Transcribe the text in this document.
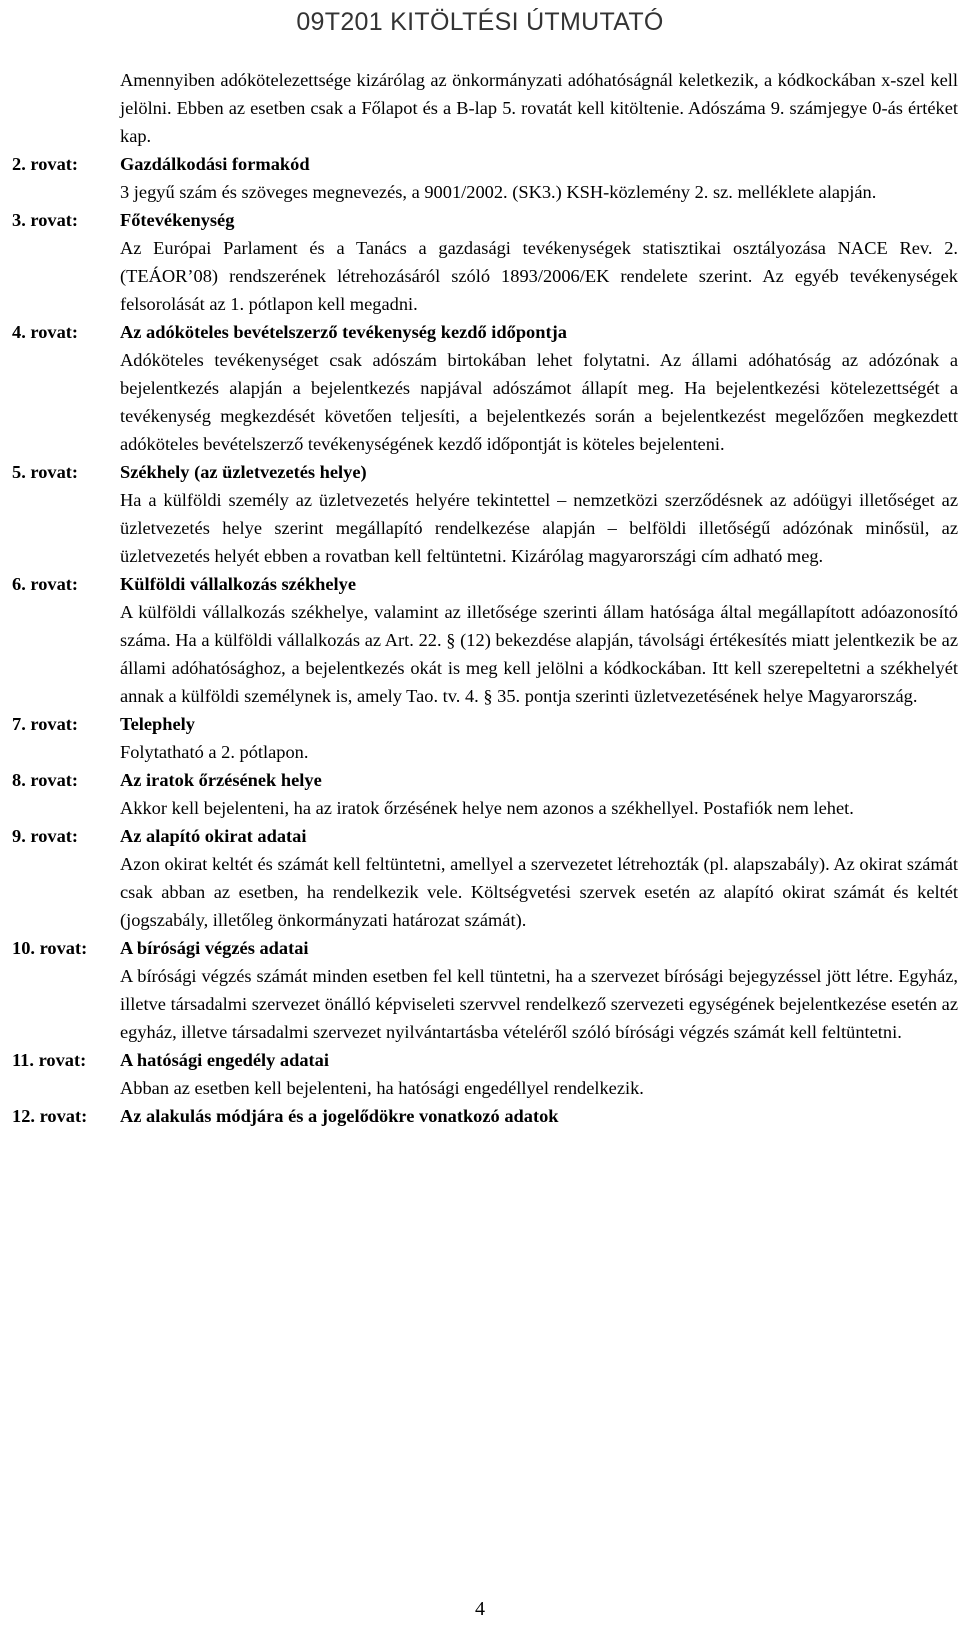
09T201 KITÖLTÉSI ÚTMUTATÓ
Amennyiben adókötelezettsége kizárólag az önkormányzati adóhatóságnál keletkezik, a kódkockában x-szel kell jelölni. Ebben az esetben csak a Főlapot és a B-lap 5. rovatát kell kitöltenie. Adószáma 9. számjegye 0-ás értéket kap.
2. rovat:	Gazdálkodási formakód

3 jegyű szám és szöveges megnevezés, a 9001/2002. (SK3.) KSH-közlemény 2. sz. melléklete alapján.

3. rovat:	Főtevékenység

Az Európai Parlament és a Tanács a gazdasági tevékenységek statisztikai osztályozása NACE Rev. 2. (TEÁOR’08) rendszerének létrehozásáról szóló 1893/2006/EK rendelete szerint. Az egyéb tevékenységek felsorolását az 1. pótlapon kell megadni.

4. rovat:	Az adóköteles bevételszerző tevékenység kezdő időpontja

Adóköteles tevékenységet csak adószám birtokában lehet folytatni. Az állami adóhatóság az adózónak a bejelentkezés alapján a bejelentkezés napjával adószámot állapít meg. Ha bejelentkezési kötelezettségét a tevékenység megkezdését követően teljesíti, a bejelentkezés során a bejelentkezést megelőzően megkezdett adóköteles bevételszerző tevékenységének kezdő időpontját is köteles bejelenteni.

5. rovat:	Székhely (az üzletvezetés helye)

Ha a külföldi személy az üzletvezetés helyére tekintettel – nemzetközi szerződésnek az adóügyi illetőséget az üzletvezetés helye szerint megállapító rendelkezése alapján – belföldi illetőségű adózónak minősül, az üzletvezetés helyét ebben a rovatban kell feltüntetni. Kizárólag magyarországi cím adható meg.

6. rovat:	Külföldi vállalkozás székhelye

A külföldi vállalkozás székhelye, valamint az illetősége szerinti állam hatósága által megállapított adóazonosító száma. Ha a külföldi vállalkozás az Art. 22. § (12) bekezdése alapján, távolsági értékesítés miatt jelentkezik be az állami adóhatósághoz, a bejelentkezés okát is meg kell jelölni a kódkockában. Itt kell szerepeltetni a székhelyét annak a külföldi személynek is, amely Tao. tv. 4. § 35. pontja szerinti üzletvezetésének helye Magyarország.

7. rovat:	Telephely

Folytatható a 2. pótlapon.

8. rovat:	Az iratok őrzésének helye

Akkor kell bejelenteni, ha az iratok őrzésének helye nem azonos a székhellyel. Postafiók nem lehet.

9. rovat:	Az alapító okirat adatai

Azon okirat keltét és számát kell feltüntetni, amellyel a szervezetet létrehozták (pl. alapszabály). Az okirat számát csak abban az esetben, ha rendelkezik vele. Költségvetési szervek esetén az alapító okirat számát és keltét (jogszabály, illetőleg önkormányzati határozat számát).

10. rovat:	A bírósági végzés adatai

A bírósági végzés számát minden esetben fel kell tüntetni, ha a szervezet bírósági bejegyzéssel jött létre. Egyház, illetve társadalmi szervezet önálló képviseleti szervvel rendelkező szervezeti egységének bejelentkezése esetén az egyház, illetve társadalmi szervezet nyilvántartásba vételéről szóló bírósági végzés számát kell feltüntetni.

11. rovat:	A hatósági engedély adatai

Abban az esetben kell bejelenteni, ha hatósági engedéllyel rendelkezik.

12. rovat:	Az alakulás módjára és a jogelődökre vonatkozó adatok
4
